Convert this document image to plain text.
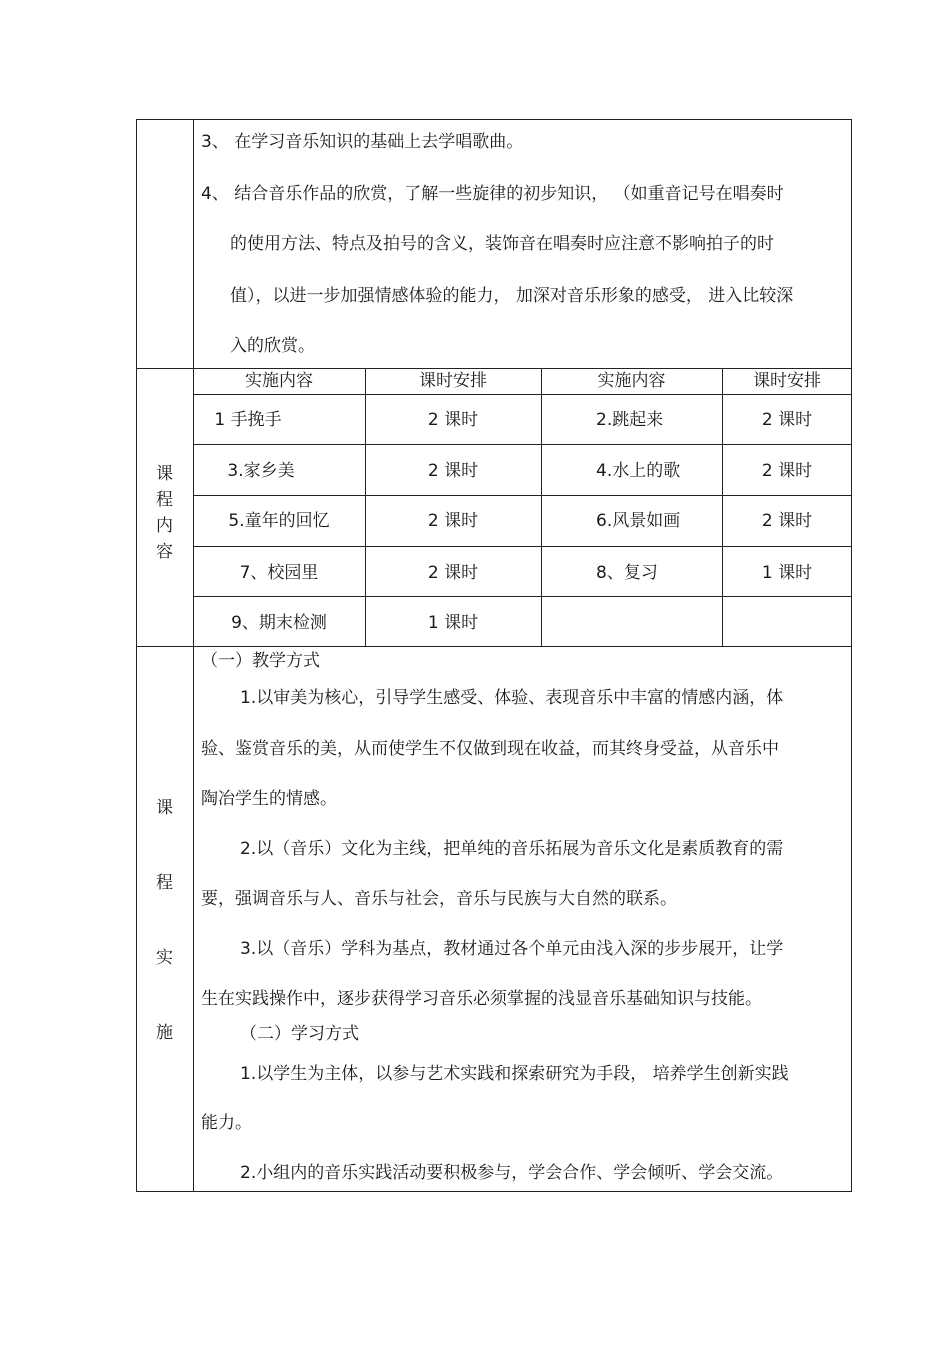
3、 在学习音乐知识的基础上去学唱歌曲。
4、 结合音乐作品的欣赏，了解一些旋律的初步知识， （如重音记号在唱奏时
的使用方法、特点及拍号的含义，装饰音在唱奏时应注意不影响拍子的时
值），以进一步加强情感体验的能力， 加深对音乐形象的感受， 进入比较深
入的欣赏。
课
程
内
容
实施内容	课时安排	实施内容	课时安排
1 手挽手	2 课时	2.跳起来	2 课时
3.家乡美	2 课时	4.水上的歌	2 课时
5.童年的回忆	2 课时	6.风景如画	2 课时
7、校园里	2 课时	8、复习	1 课时
9、期末检测	1 课时
课
程
实
施
（一）教学方式
1.以审美为核心，引导学生感受、体验、表现音乐中丰富的情感内涵，体
验、鉴赏音乐的美，从而使学生不仅做到现在收益，而其终身受益，从音乐中
陶冶学生的情感。
2.以（音乐）文化为主线，把单纯的音乐拓展为音乐文化是素质教育的需
要，强调音乐与人、音乐与社会，音乐与民族与大自然的联系。
3.以（音乐）学科为基点，教材通过各个单元由浅入深的步步展开，让学
生在实践操作中，逐步获得学习音乐必须掌握的浅显音乐基础知识与技能。
（二）学习方式
1.以学生为主体，以参与艺术实践和探索研究为手段， 培养学生创新实践
能力。
2.小组内的音乐实践活动要积极参与，学会合作、学会倾听、学会交流。
